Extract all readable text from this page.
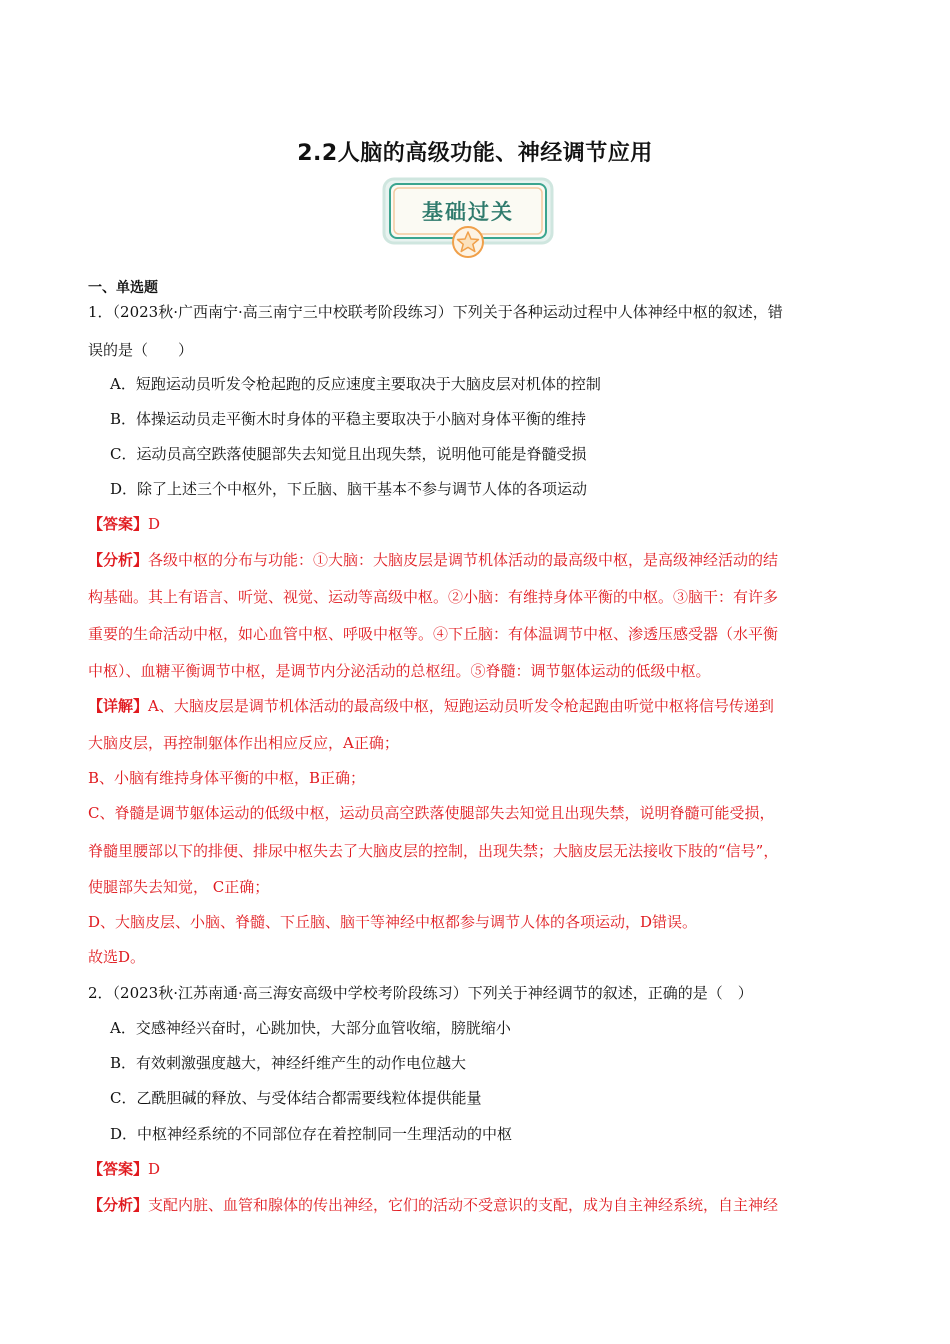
2.2人脑的高级功能、神经调节应用
基础过关
一、单选题
1．（2023秋·广西南宁·高三南宁三中校联考阶段练习）下列关于各种运动过程中人体神经中枢的叙述，错
误的是（　　）
A．短跑运动员听发令枪起跑的反应速度主要取决于大脑皮层对机体的控制
B．体操运动员走平衡木时身体的平稳主要取决于小脑对身体平衡的维持
C．运动员高空跌落使腿部失去知觉且出现失禁，说明他可能是脊髓受损
D．除了上述三个中枢外，下丘脑、脑干基本不参与调节人体的各项运动
【答案】D
【分析】各级中枢的分布与功能：①大脑：大脑皮层是调节机体活动的最高级中枢，是高级神经活动的结
构基础。其上有语言、听觉、视觉、运动等高级中枢。②小脑：有维持身体平衡的中枢。③脑干：有许多
重要的生命活动中枢，如心血管中枢、呼吸中枢等。④下丘脑：有体温调节中枢、渗透压感受器（水平衡
中枢）、血糖平衡调节中枢，是调节内分泌活动的总枢纽。⑤脊髓：调节躯体运动的低级中枢。
【详解】A、大脑皮层是调节机体活动的最高级中枢，短跑运动员听发令枪起跑由听觉中枢将信号传递到
大脑皮层，再控制躯体作出相应反应，A正确；
B、小脑有维持身体平衡的中枢，B正确；
C、脊髓是调节躯体运动的低级中枢，运动员高空跌落使腿部失去知觉且出现失禁，说明脊髓可能受损，
脊髓里腰部以下的排便、排尿中枢失去了大脑皮层的控制，出现失禁；大脑皮层无法接收下肢的“信号”，
使腿部失去知觉， C正确；
D、大脑皮层、小脑、脊髓、下丘脑、脑干等神经中枢都参与调节人体的各项运动，D错误。
故选D。
2．（2023秋·江苏南通·高三海安高级中学校考阶段练习）下列关于神经调节的叙述，正确的是（　）
A．交感神经兴奋时，心跳加快，大部分血管收缩，膀胱缩小
B．有效刺激强度越大，神经纤维产生的动作电位越大
C．乙酰胆碱的释放、与受体结合都需要线粒体提供能量
D．中枢神经系统的不同部位存在着控制同一生理活动的中枢
【答案】D
【分析】支配内脏、血管和腺体的传出神经，它们的活动不受意识的支配，成为自主神经系统，自主神经
